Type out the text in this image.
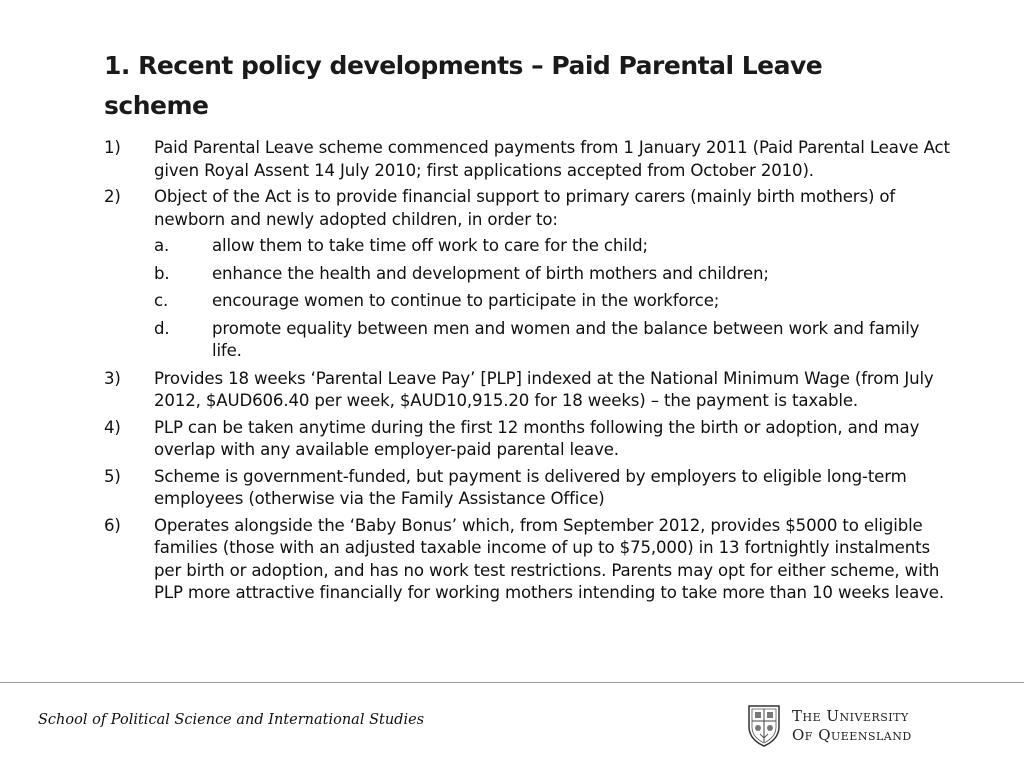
1. Recent policy developments – Paid Parental Leave scheme
1) Paid Parental Leave scheme commenced payments from 1 January 2011 (Paid Parental Leave Act given Royal Assent 14 July 2010; first applications accepted from October 2010).
2) Object of the Act is to provide financial support to primary carers (mainly birth mothers) of newborn and newly adopted children, in order to:
a.	allow them to take time off work to care for the child;
b.	enhance the health and development of birth mothers and children;
c.	encourage women to continue to participate in the workforce;
d.	promote equality between men and women and the balance between work and family life.
3) Provides 18 weeks ‘Parental Leave Pay’ [PLP] indexed at the National Minimum Wage (from July 2012, $AUD606.40 per week, $AUD10,915.20 for 18 weeks) – the payment is taxable.
4) PLP can be taken anytime during the first 12 months following the birth or adoption, and may overlap with any available employer-paid parental leave.
5) Scheme is government-funded, but payment is delivered by employers to eligible long-term employees (otherwise via the Family Assistance Office)
6) Operates alongside the ‘Baby Bonus’ which, from September 2012, provides $5000 to eligible families (those with an adjusted taxable income of up to $75,000) in 13 fortnightly instalments per birth or adoption, and has no work test restrictions. Parents may opt for either scheme, with PLP more attractive financially for working mothers intending to take more than 10 weeks leave.
School of Political Science and International Studies	The University
Of Queensland
